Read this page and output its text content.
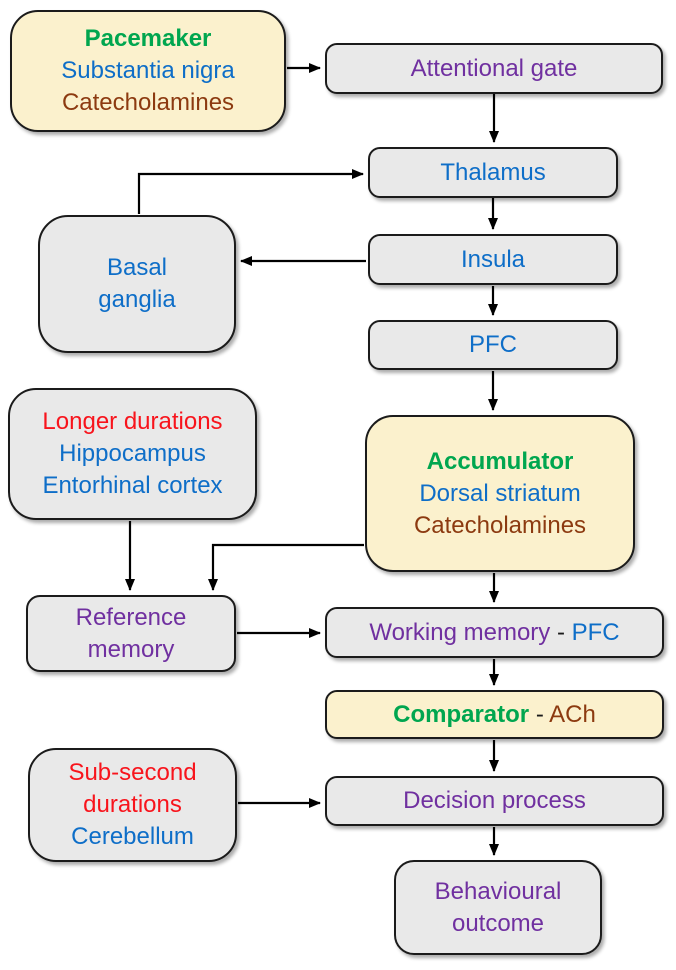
Pacemaker
Substantia nigra
Catecholamines
Attentional gate
Thalamus
Basal
ganglia
Insula
PFC
Longer durations
Hippocampus
Entorhinal cortex
Accumulator
Dorsal striatum
Catecholamines
Reference
memory
Working memory - PFC
Comparator - ACh
Sub-second
durations
Cerebellum
Decision process
Behavioural
outcome
